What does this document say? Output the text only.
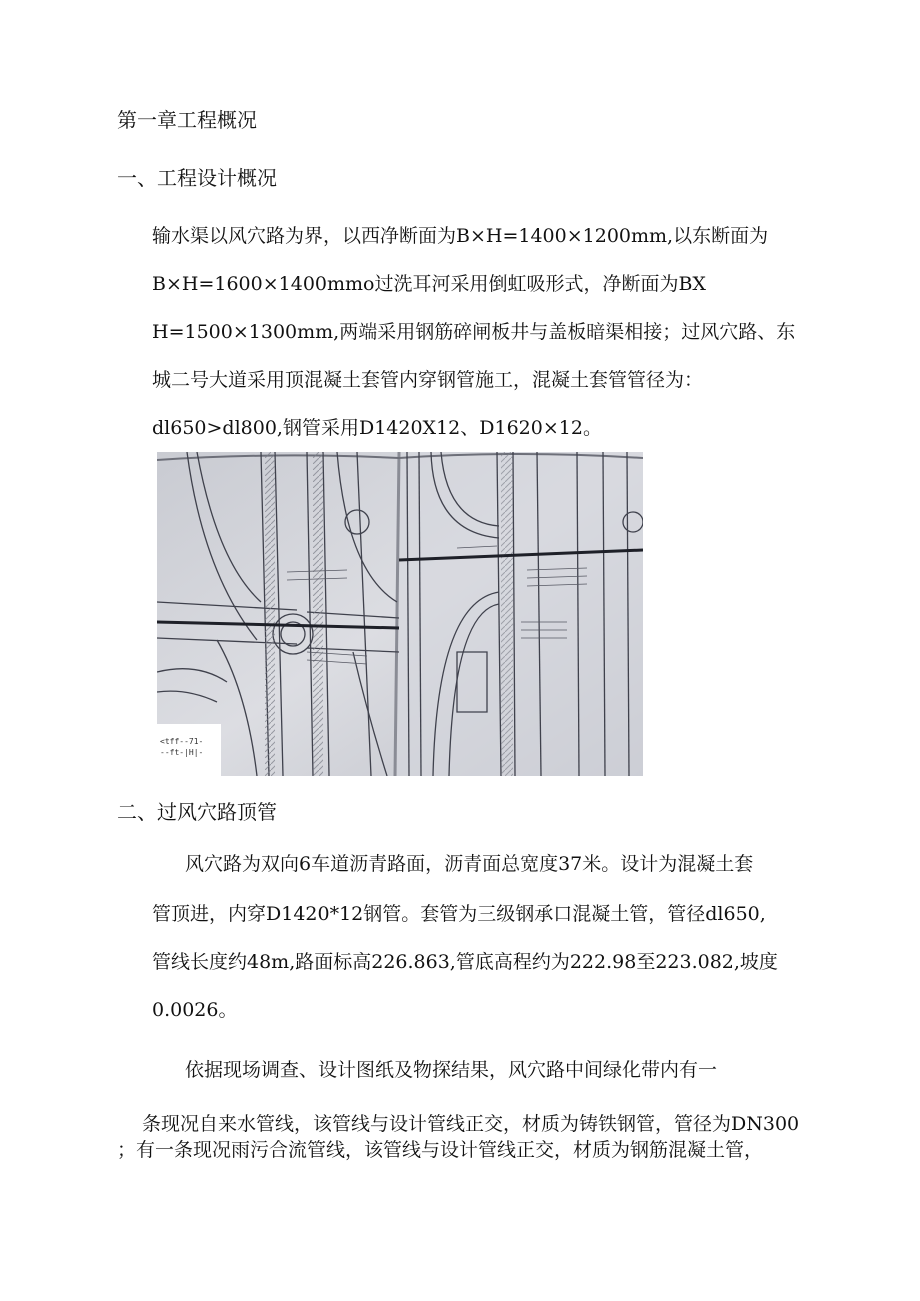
第一章工程概况
一、工程设计概况
输水渠以风穴路为界，以西净断面为B×H=1400×1200mm,以东断面为
B×H=1600×1400mmo过洗耳河采用倒虹吸形式，净断面为BX
H=1500×1300mm,两端采用钢筋碎闸板井与盖板暗渠相接；过风穴路、东
城二号大道采用顶混凝土套管内穿钢管施工，混凝土套管管径为：
dl650>dl800,钢管采用D1420X12、D1620×12。
<tff--71-
--ft-|H|-
二、过风穴路顶管
风穴路为双向6车道沥青路面，沥青面总宽度37米。设计为混凝土套
管顶进，内穿D1420*12钢管。套管为三级钢承口混凝土管，管径dl650,
管线长度约48m,路面标高226.863,管底高程约为222.98至223.082,坡度
0.0026。
依据现场调查、设计图纸及物探结果，风穴路中间绿化带内有一
条现况自来水管线，该管线与设计管线正交，材质为铸铁钢管，管径为DN300
；有一条现况雨污合流管线，该管线与设计管线正交，材质为钢筋混凝土管，
